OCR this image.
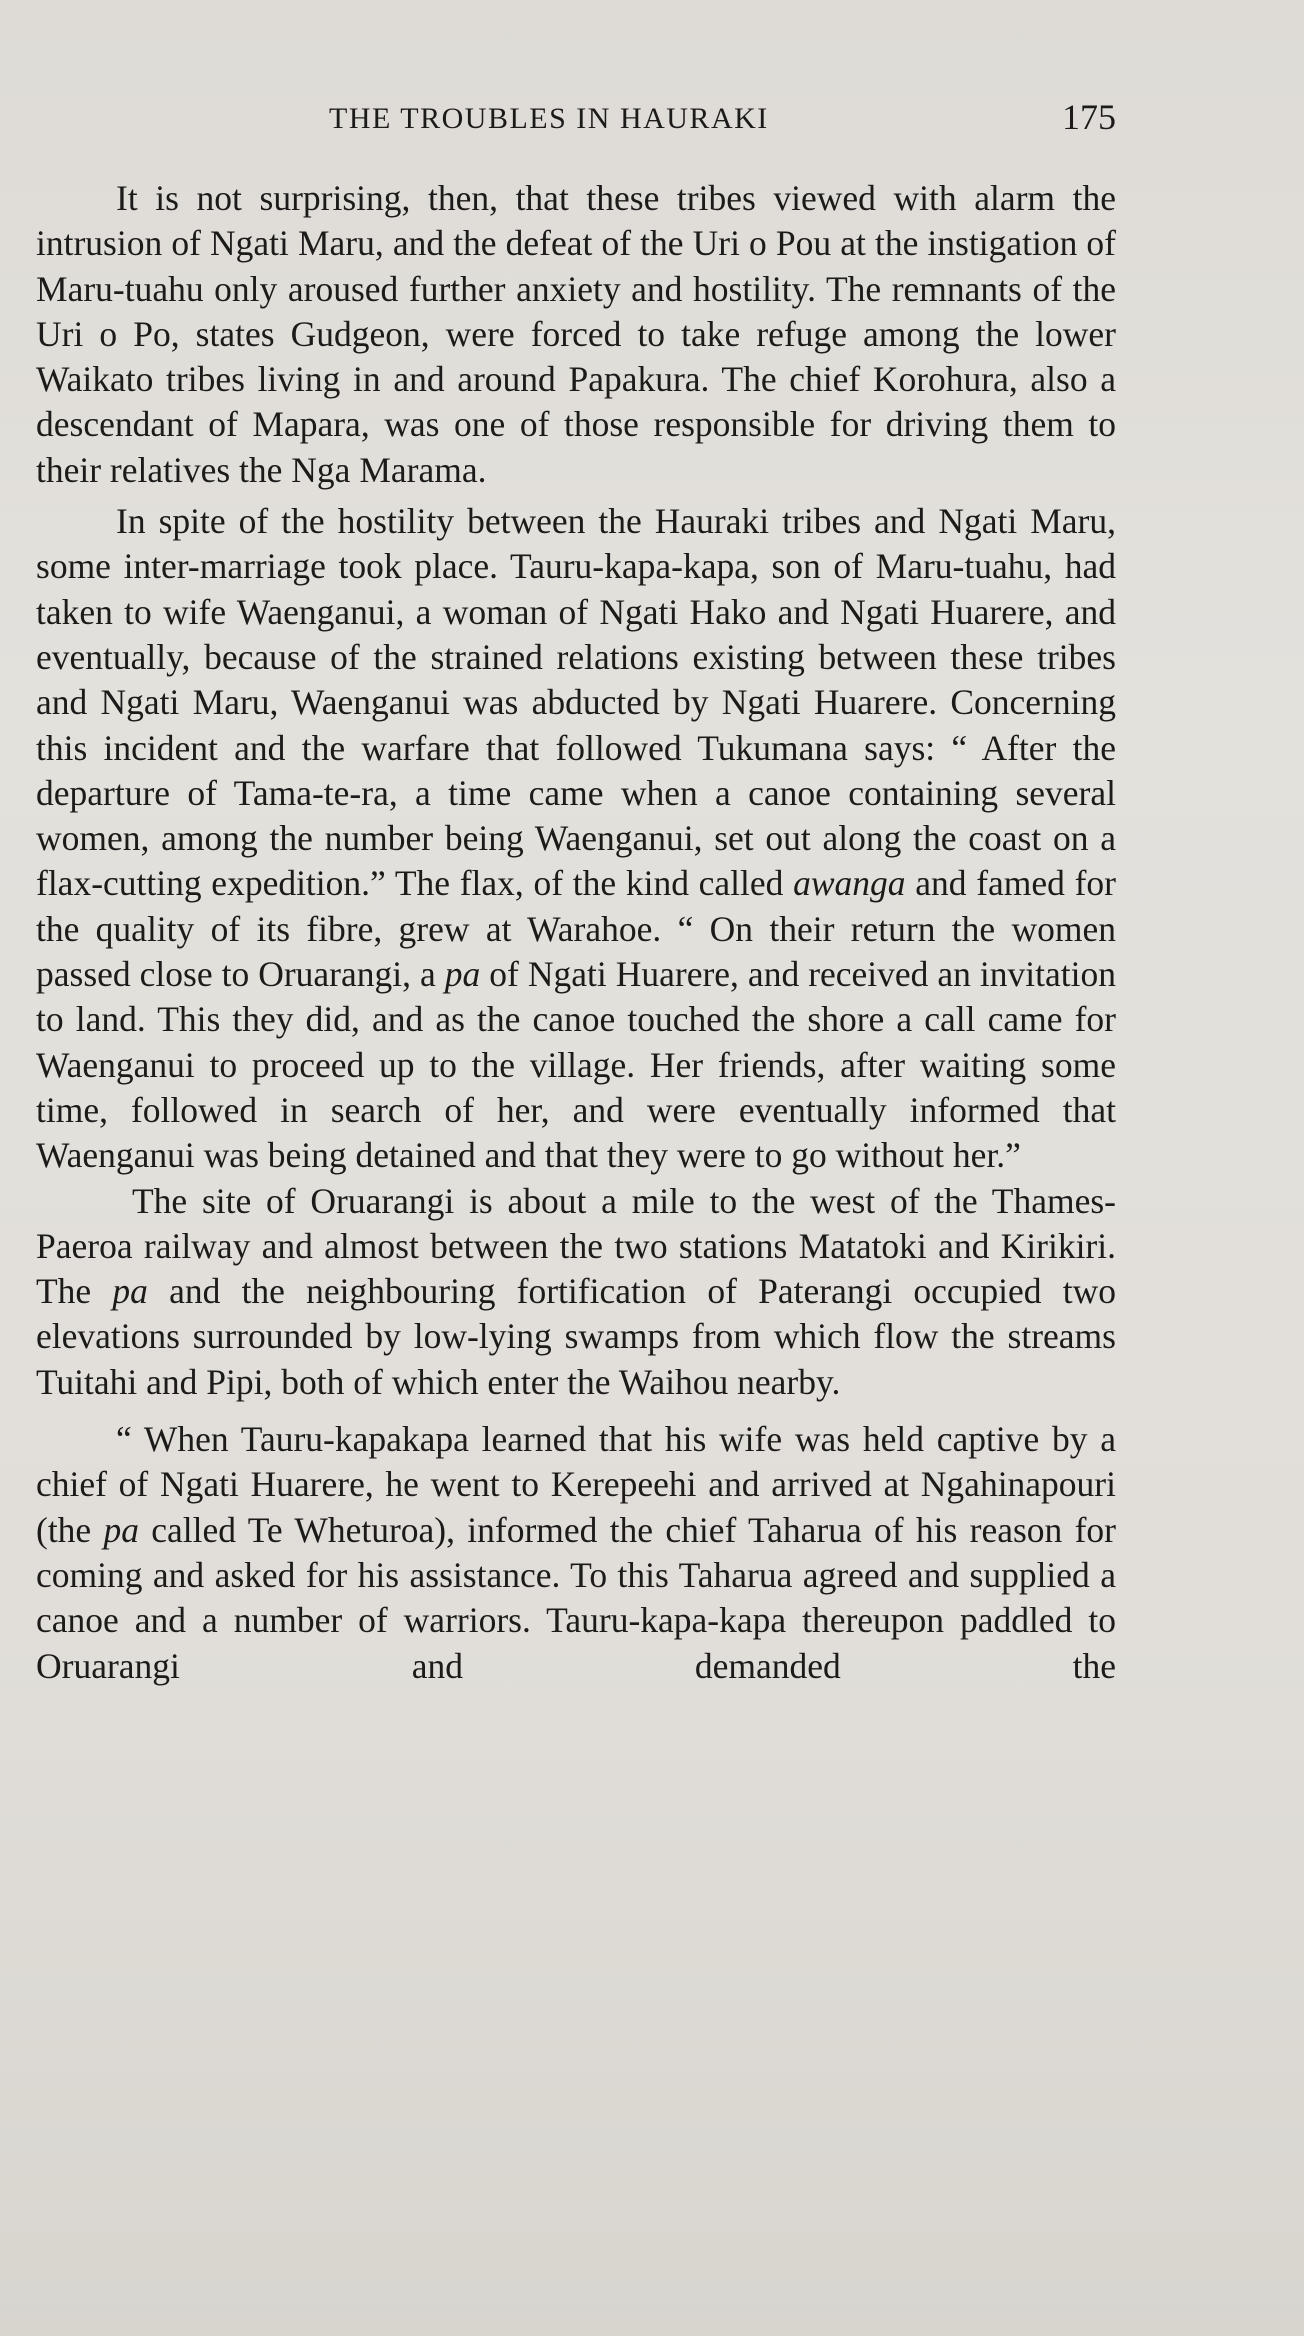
THE TROUBLES IN HAURAKI	175

It is not surprising, then, that these tribes viewed with alarm the intrusion of Ngati Maru, and the defeat of the Uri o Pou at the instigation of Maru-tuahu only aroused further anxiety and hostility. The remnants of the Uri o Po, states Gudgeon, were forced to take refuge among the lower Waikato tribes living in and around Papakura. The chief Korohura, also a descendant of Mapara, was one of those responsible for driving them to their relatives the Nga Marama.

In spite of the hostility between the Hauraki tribes and Ngati Maru, some inter-marriage took place. Tauru-kapa-kapa, son of Maru-tuahu, had taken to wife Waenganui, a woman of Ngati Hako and Ngati Huarere, and eventually, because of the strained relations existing between these tribes and Ngati Maru, Waenganui was abducted by Ngati Huarere. Concerning this incident and the warfare that followed Tukumana says: “ After the departure of Tama-te-ra, a time came when a canoe containing several women, among the number being Waenganui, set out along the coast on a flax-cutting expedition.” The flax, of the kind called awanga and famed for the quality of its fibre, grew at Warahoe. “ On their return the women passed close to Oruarangi, a pa of Ngati Huarere, and received an invitation to land. This they did, and as the canoe touched the shore a call came for Waenganui to proceed up to the village. Her friends, after waiting some time, followed in search of her, and were eventually informed that Waenganui was being detained and that they were to go without her.”

The site of Oruarangi is about a mile to the west of the Thames-Paeroa railway and almost between the two stations Matatoki and Kirikiri. The pa and the neighbouring fortification of Paterangi occupied two elevations surrounded by low-lying swamps from which flow the streams Tuitahi and Pipi, both of which enter the Waihou nearby.

“ When Tauru-kapakapa learned that his wife was held captive by a chief of Ngati Huarere, he went to Kerepeehi and arrived at Ngahinapouri (the pa called Te Wheturoa), informed the chief Taharua of his reason for coming and asked for his assistance. To this Taharua agreed and supplied a canoe and a number of warriors. Tauru-kapa-kapa thereupon paddled to Oruarangi and demanded the
